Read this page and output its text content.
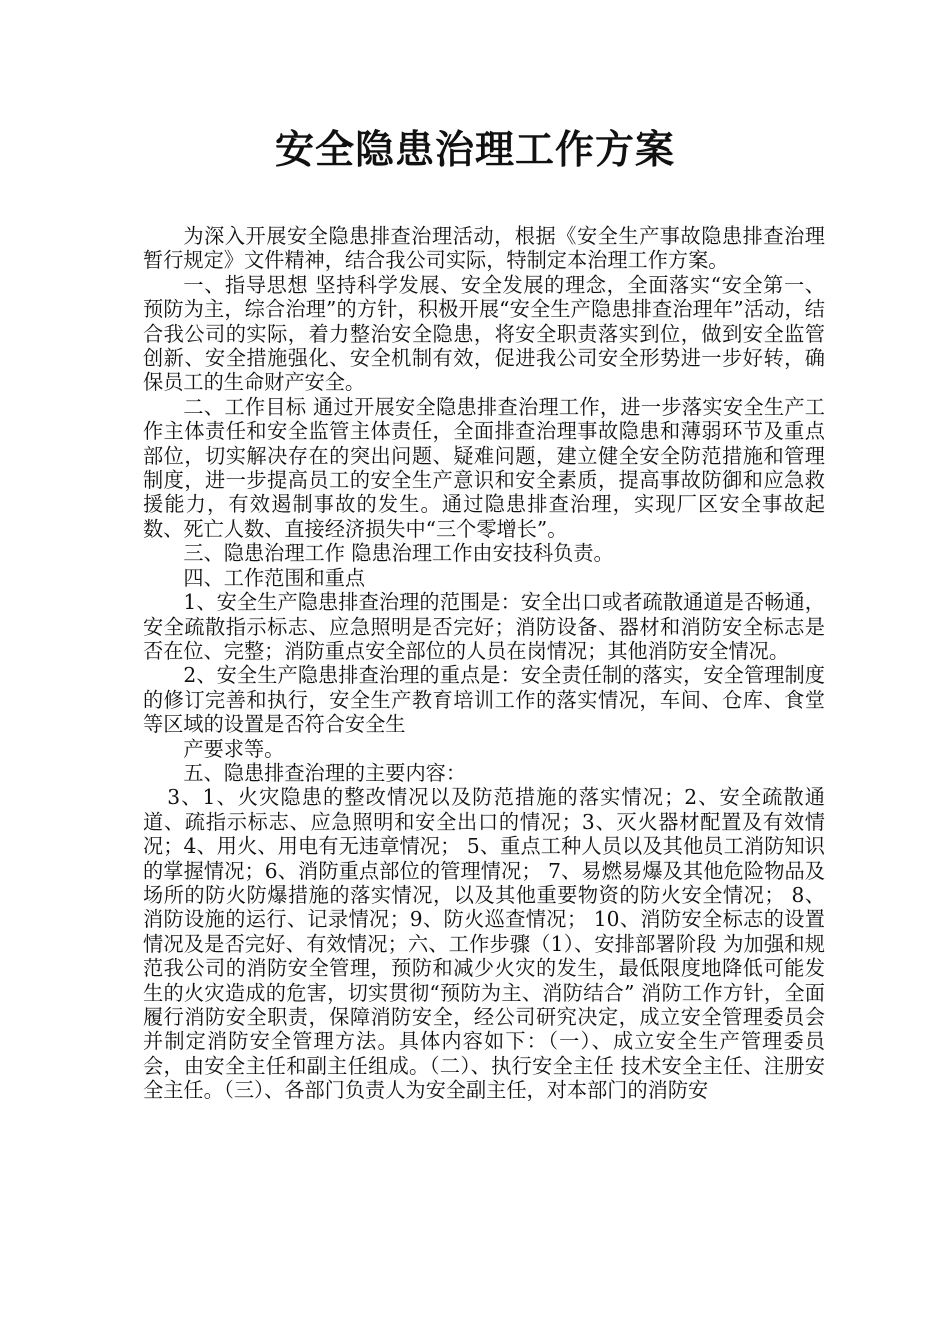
安全隐患治理工作方案

为深入开展安全隐患排查治理活动，根据《安全生产事故隐患排查治理暂行规定》文件精神，结合我公司实际，特制定本治理工作方案。

一、指导思想 坚持科学发展、安全发展的理念，全面落实“安全第一、预防为主，综合治理”的方针，积极开展“安全生产隐患排查治理年”活动，结合我公司的实际，着力整治安全隐患，将安全职责落实到位，做到安全监管创新、安全措施强化、安全机制有效，促进我公司安全形势进一步好转，确保员工的生命财产安全。

二、工作目标 通过开展安全隐患排查治理工作，进一步落实安全生产工作主体责任和安全监管主体责任，全面排查治理事故隐患和薄弱环节及重点部位，切实解决存在的突出问题、疑难问题，建立健全安全防范措施和管理制度，进一步提高员工的安全生产意识和安全素质，提高事故防御和应急救援能力，有效遏制事故的发生。通过隐患排查治理，实现厂区安全事故起数、死亡人数、直接经济损失中“三个零增长”。

三、隐患治理工作 隐患治理工作由安技科负责。

四、工作范围和重点

1、安全生产隐患排查治理的范围是：安全出口或者疏散通道是否畅通，安全疏散指示标志、应急照明是否完好；消防设备、器材和消防安全标志是否在位、完整；消防重点安全部位的人员在岗情况；其他消防安全情况。

2、安全生产隐患排查治理的重点是：安全责任制的落实，安全管理制度的修订完善和执行，安全生产教育培训工作的落实情况，车间、仓库、食堂等区域的设置是否符合安全生

产要求等。

五、隐患排查治理的主要内容：

3、1、火灾隐患的整改情况以及防范措施的落实情况；2、安全疏散通道、疏指示标志、应急照明和安全出口的情况；3、灭火器材配置及有效情况；4、用火、用电有无违章情况； 5、重点工种人员以及其他员工消防知识的掌握情况；6、消防重点部位的管理情况； 7、易燃易爆及其他危险物品及场所的防火防爆措施的落实情况，以及其他重要物资的防火安全情况； 8、消防设施的运行、记录情况；9、防火巡查情况； 10、消防安全标志的设置情况及是否完好、有效情况；六、工作步骤（1）、安排部署阶段 为加强和规范我公司的消防安全管理，预防和减少火灾的发生，最低限度地降低可能发生的火灾造成的危害，切实贯彻“预防为主、消防结合” 消防工作方针，全面履行消防安全职责，保障消防安全，经公司研究决定，成立安全管理委员会并制定消防安全管理方法。具体内容如下：（一）、成立安全生产管理委员会，由安全主任和副主任组成。（二）、执行安全主任 技术安全主任、注册安全主任。（三）、各部门负责人为安全副主任，对本部门的消防安
